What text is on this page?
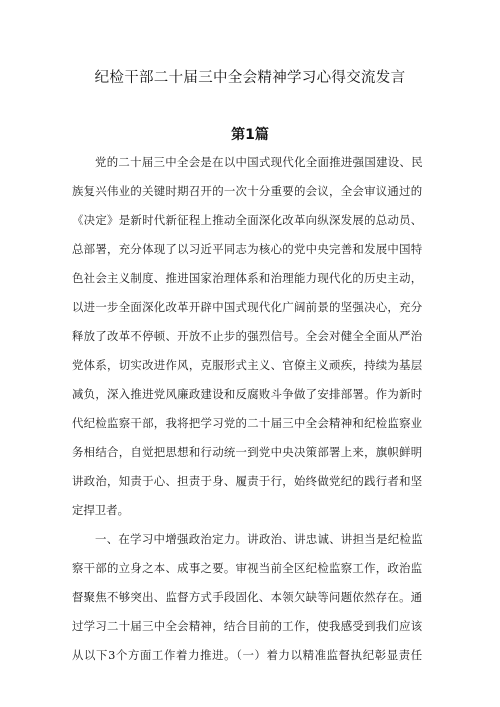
纪检干部二十届三中全会精神学习心得交流发言
第1篇
党的二十届三中全会是在以中国式现代化全面推进强国建设、民
族复兴伟业的关键时期召开的一次十分重要的会议，全会审议通过的
《决定》是新时代新征程上推动全面深化改革向纵深发展的总动员、
总部署，充分体现了以习近平同志为核心的党中央完善和发展中国特
色社会主义制度、推进国家治理体系和治理能力现代化的历史主动，
以进一步全面深化改革开辟中国式现代化广阔前景的坚强决心，充分
释放了改革不停顿、开放不止步的强烈信号。全会对健全全面从严治
党体系，切实改进作风，克服形式主义、官僚主义顽疾，持续为基层
减负，深入推进党风廉政建设和反腐败斗争做了安排部署。作为新时
代纪检监察干部，我将把学习党的二十届三中全会精神和纪检监察业
务相结合，自觉把思想和行动统一到党中央决策部署上来，旗帜鲜明
讲政治，知责于心、担责于身、履责于行，始终做党纪的践行者和坚
定捍卫者。
一、在学习中增强政治定力。讲政治、讲忠诚、讲担当是纪检监
察干部的立身之本、成事之要。审视当前全区纪检监察工作，政治监
督聚焦不够突出、监督方式手段固化、本领欠缺等问题依然存在。通
过学习二十届三中全会精神，结合目前的工作，使我感受到我们应该
从以下3个方面工作着力推进。（一）着力以精准监督执纪彰显责任
